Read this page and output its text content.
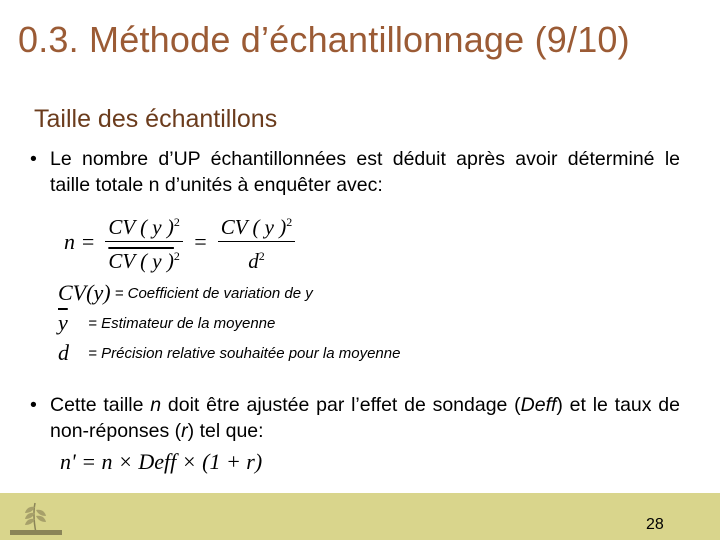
0.3. Méthode d’échantillonnage (9/10)
Taille des échantillons
• Le nombre d’UP échantillonnées est déduit après avoir déterminé le taille totale n d’unités à enquêter avec:
$n = \frac{CV ( y )^2}{CV ( y )^2} = \frac{CV ( y )^2}{d^2}$
CV(y) = Coefficient de variation de y
$\overline{y}$ = Estimateur de la moyenne
d = Précision relative souhaitée pour la moyenne
• Cette taille n doit être ajustée par l’effet de sondage (Deff) et le taux de non-réponses (r) tel que:
n' = n × Deff × (1 + r)
28
